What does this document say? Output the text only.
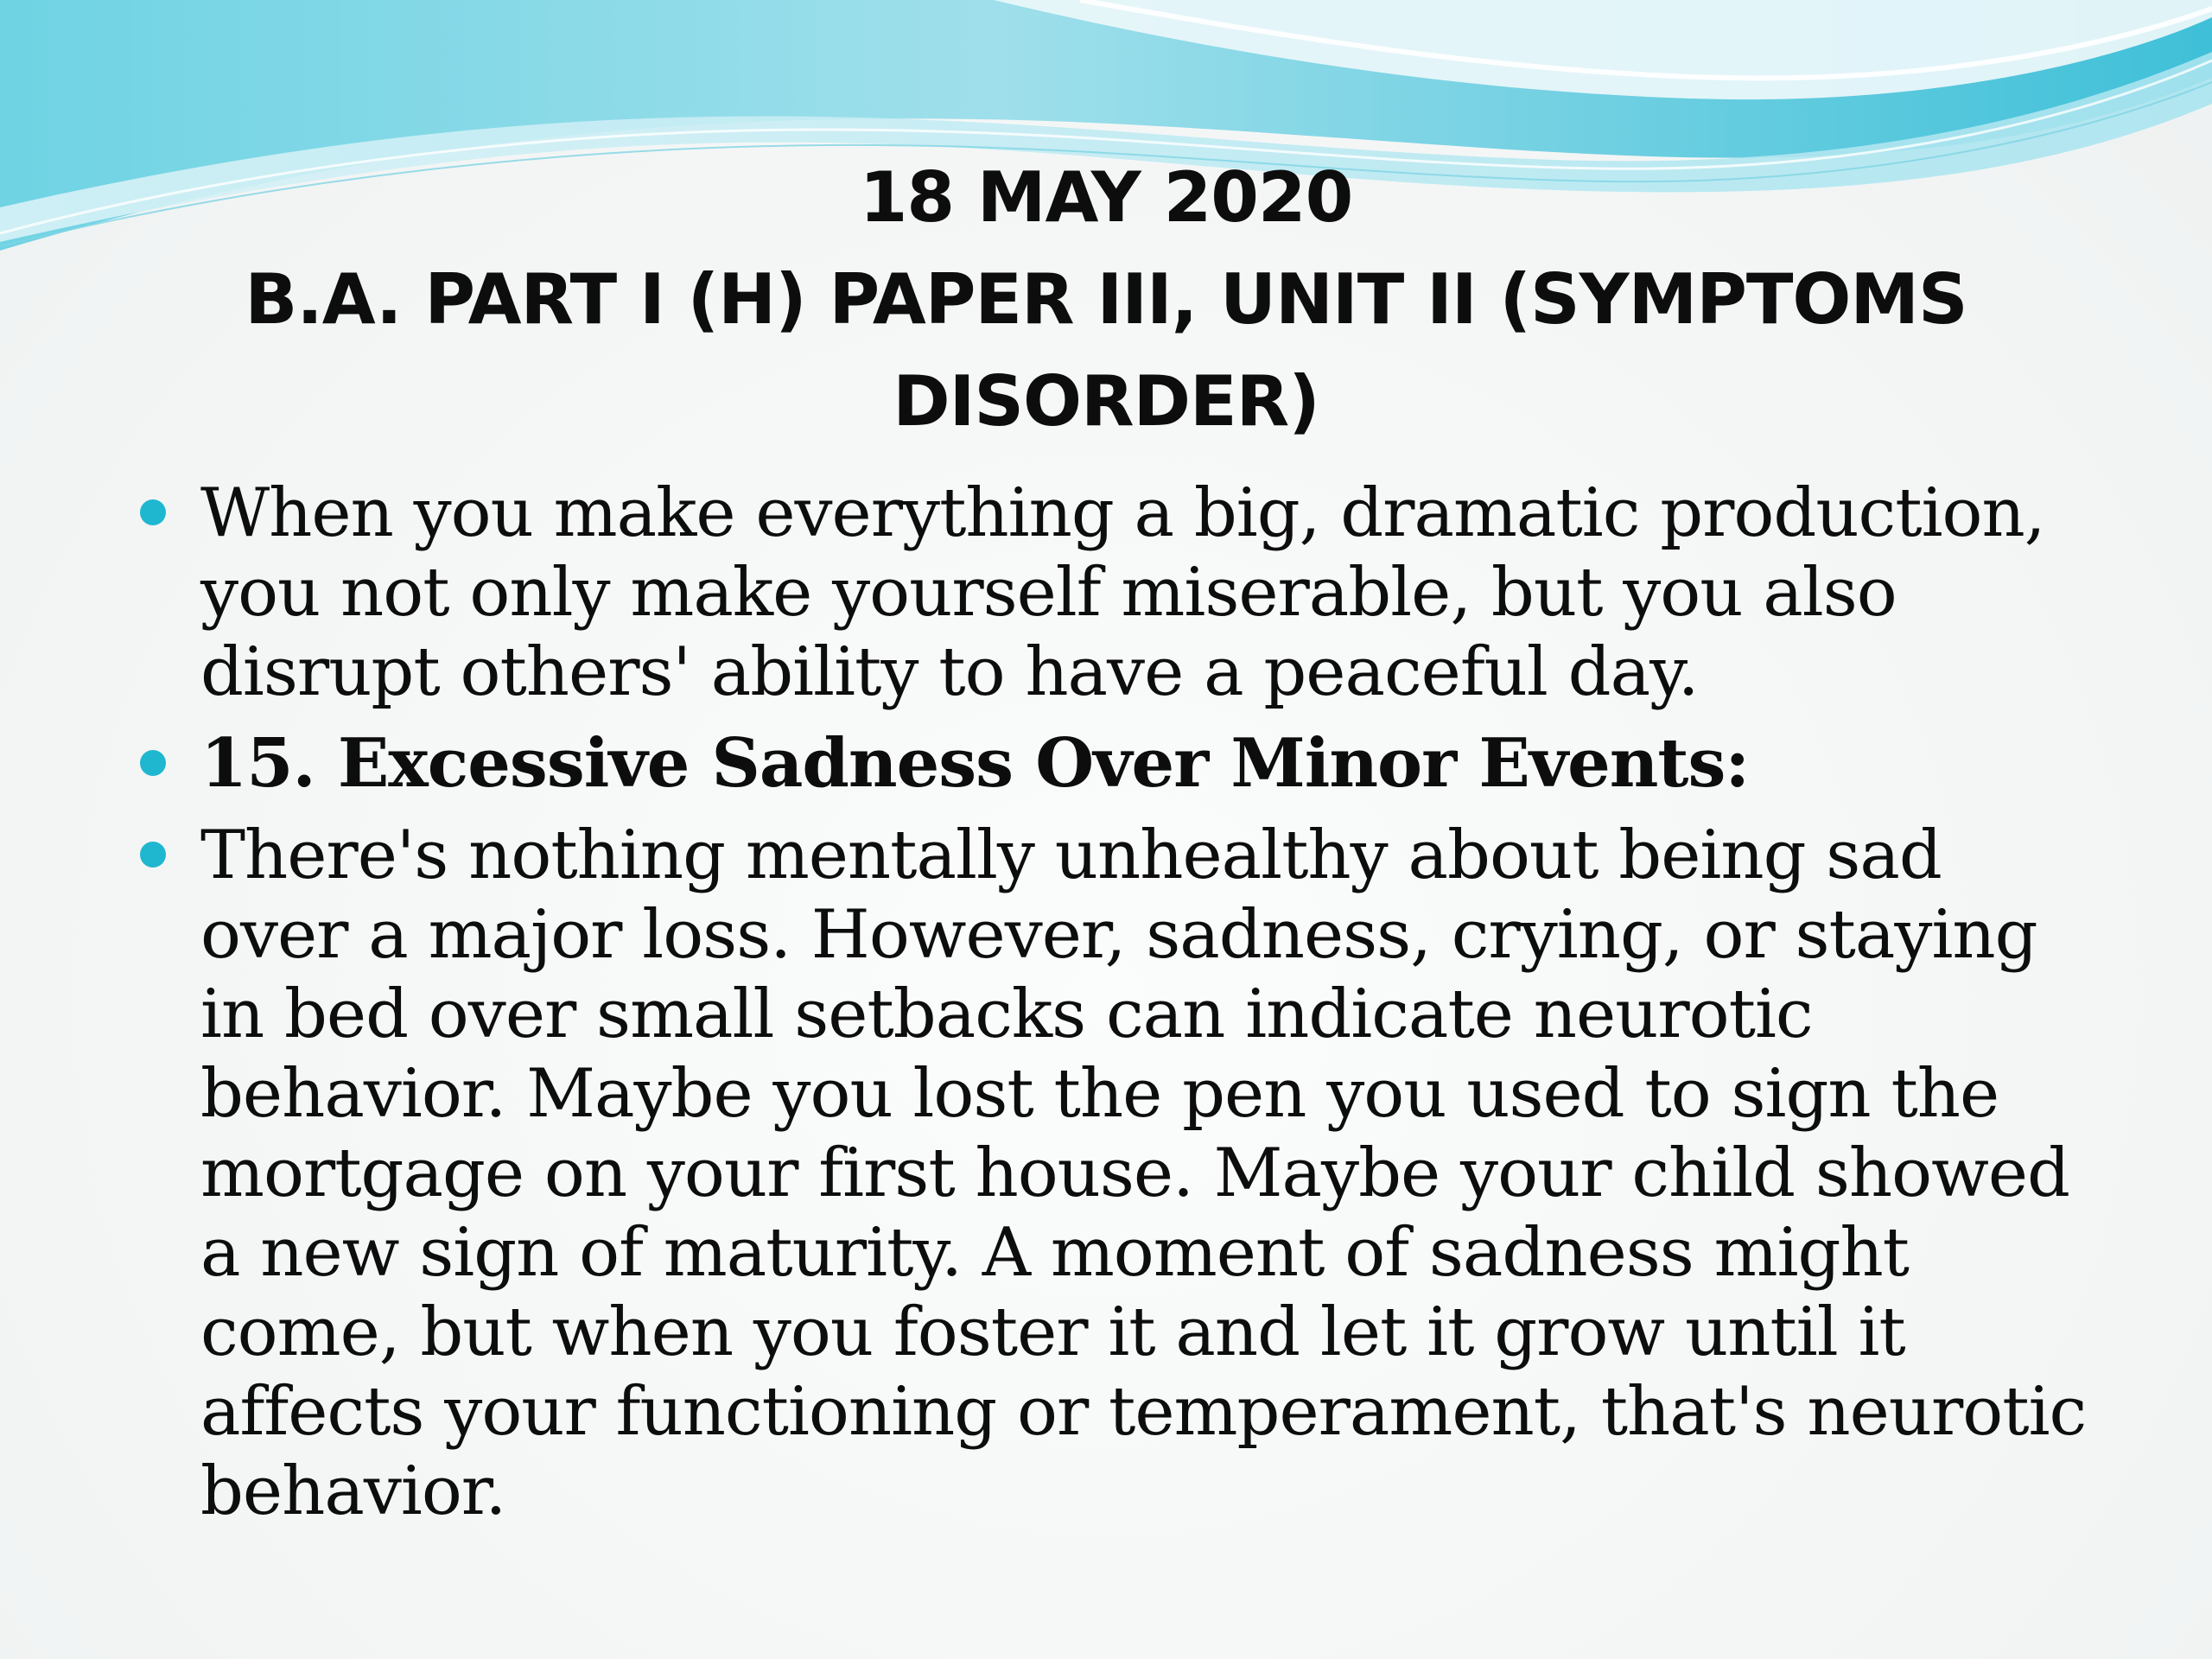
18 MAY 2020
B.A. PART I (H) PAPER III, UNIT II (SYMPTOMS
DISORDER)
When you make everything a big, dramatic production, you not only make yourself miserable, but you also disrupt others' ability to have a peaceful day.
15. Excessive Sadness Over Minor Events:
There's nothing mentally unhealthy about being sad over a major loss. However, sadness, crying, or staying in bed over small setbacks can indicate neurotic behavior. Maybe you lost the pen you used to sign the mortgage on your first house. Maybe your child showed a new sign of maturity. A moment of sadness might come, but when you foster it and let it grow until it affects your functioning or temperament, that's neurotic behavior.
